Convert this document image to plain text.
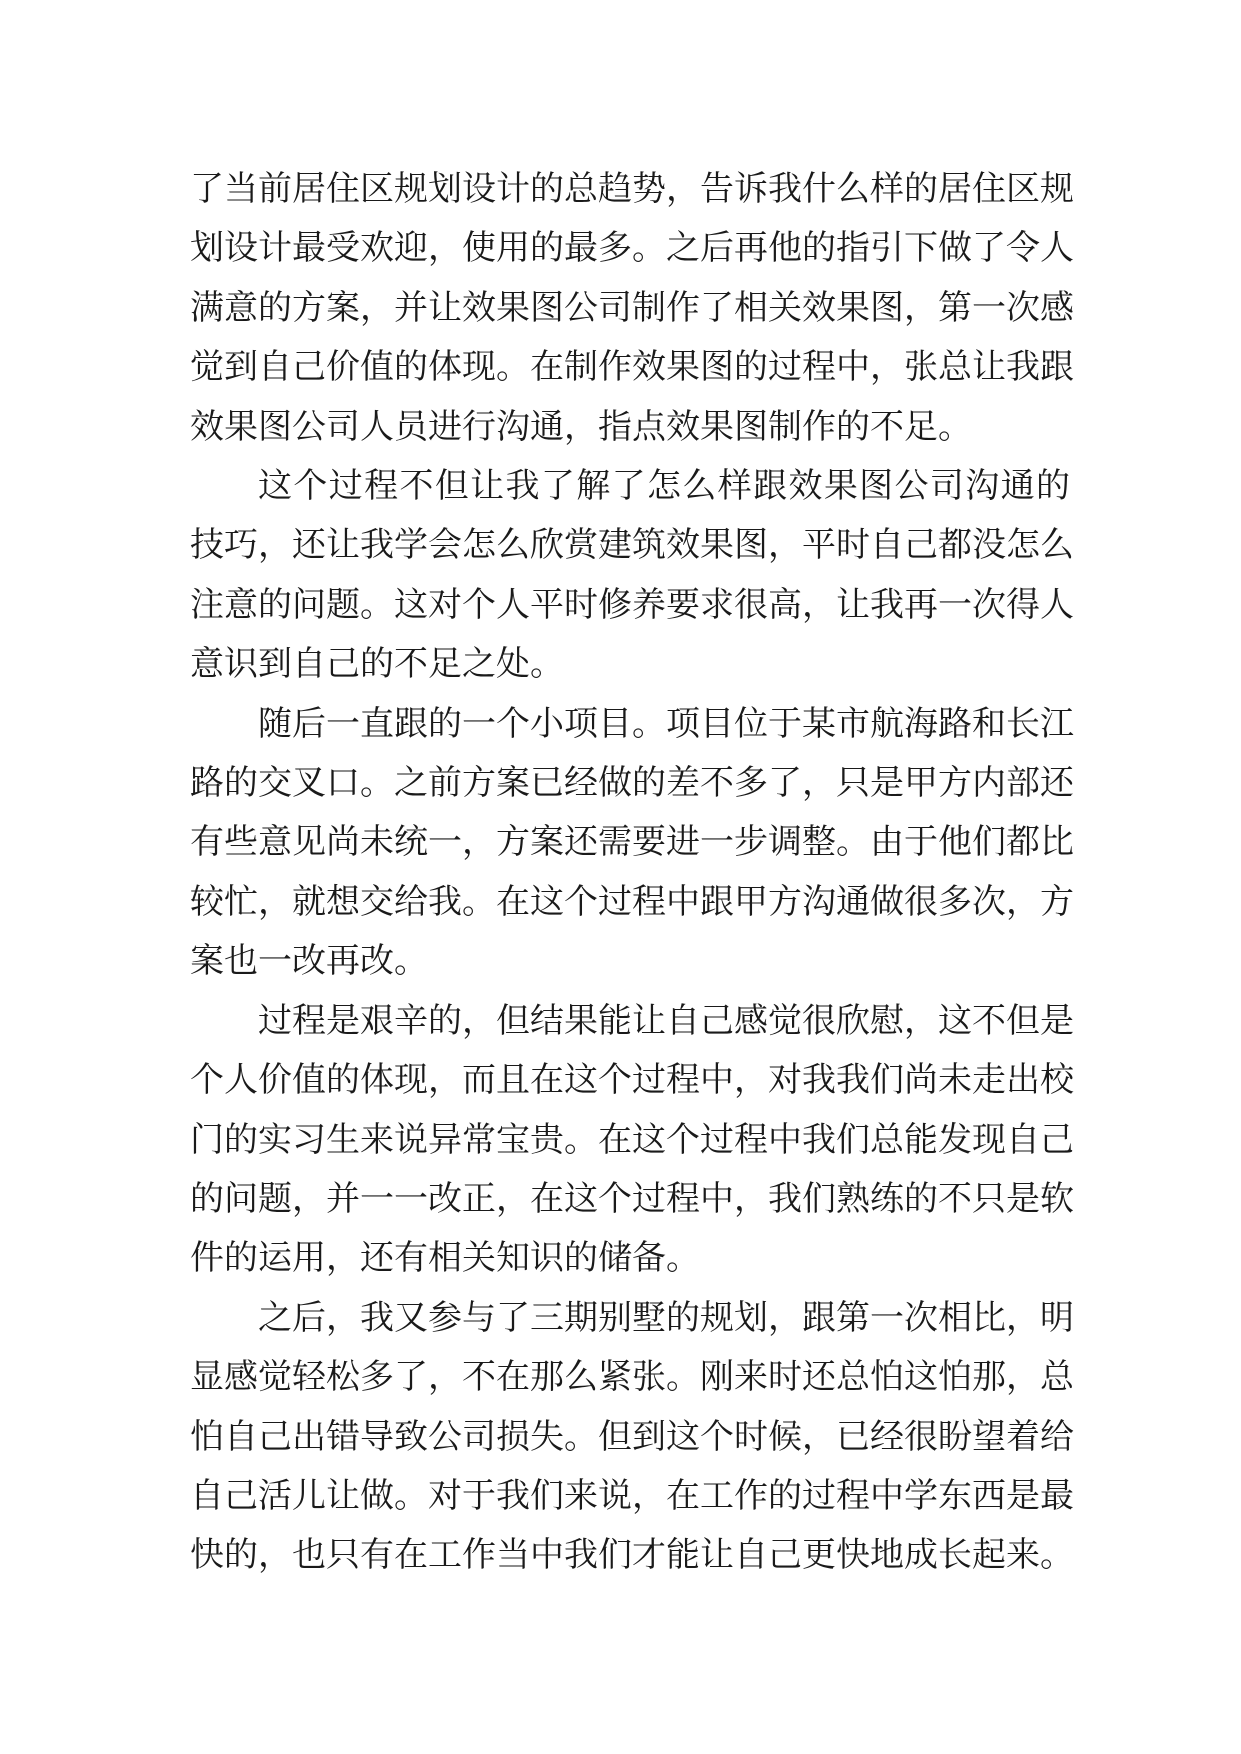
了当前居住区规划设计的总趋势，告诉我什么样的居住区规
划设计最受欢迎，使用的最多。之后再他的指引下做了令人
满意的方案，并让效果图公司制作了相关效果图，第一次感
觉到自己价值的体现。在制作效果图的过程中，张总让我跟
效果图公司人员进行沟通，指点效果图制作的不足。

这个过程不但让我了解了怎么样跟效果图公司沟通的
技巧，还让我学会怎么欣赏建筑效果图，平时自己都没怎么
注意的问题。这对个人平时修养要求很高，让我再一次得人
意识到自己的不足之处。

随后一直跟的一个小项目。项目位于某市航海路和长江
路的交叉口。之前方案已经做的差不多了，只是甲方内部还
有些意见尚未统一，方案还需要进一步调整。由于他们都比
较忙，就想交给我。在这个过程中跟甲方沟通做很多次，方
案也一改再改。

过程是艰辛的，但结果能让自己感觉很欣慰，这不但是
个人价值的体现，而且在这个过程中，对我我们尚未走出校
门的实习生来说异常宝贵。在这个过程中我们总能发现自己
的问题，并一一改正，在这个过程中，我们熟练的不只是软
件的运用，还有相关知识的储备。

之后，我又参与了三期别墅的规划，跟第一次相比，明
显感觉轻松多了，不在那么紧张。刚来时还总怕这怕那，总
怕自己出错导致公司损失。但到这个时候，已经很盼望着给
自己活儿让做。对于我们来说，在工作的过程中学东西是最
快的，也只有在工作当中我们才能让自己更快地成长起来。
